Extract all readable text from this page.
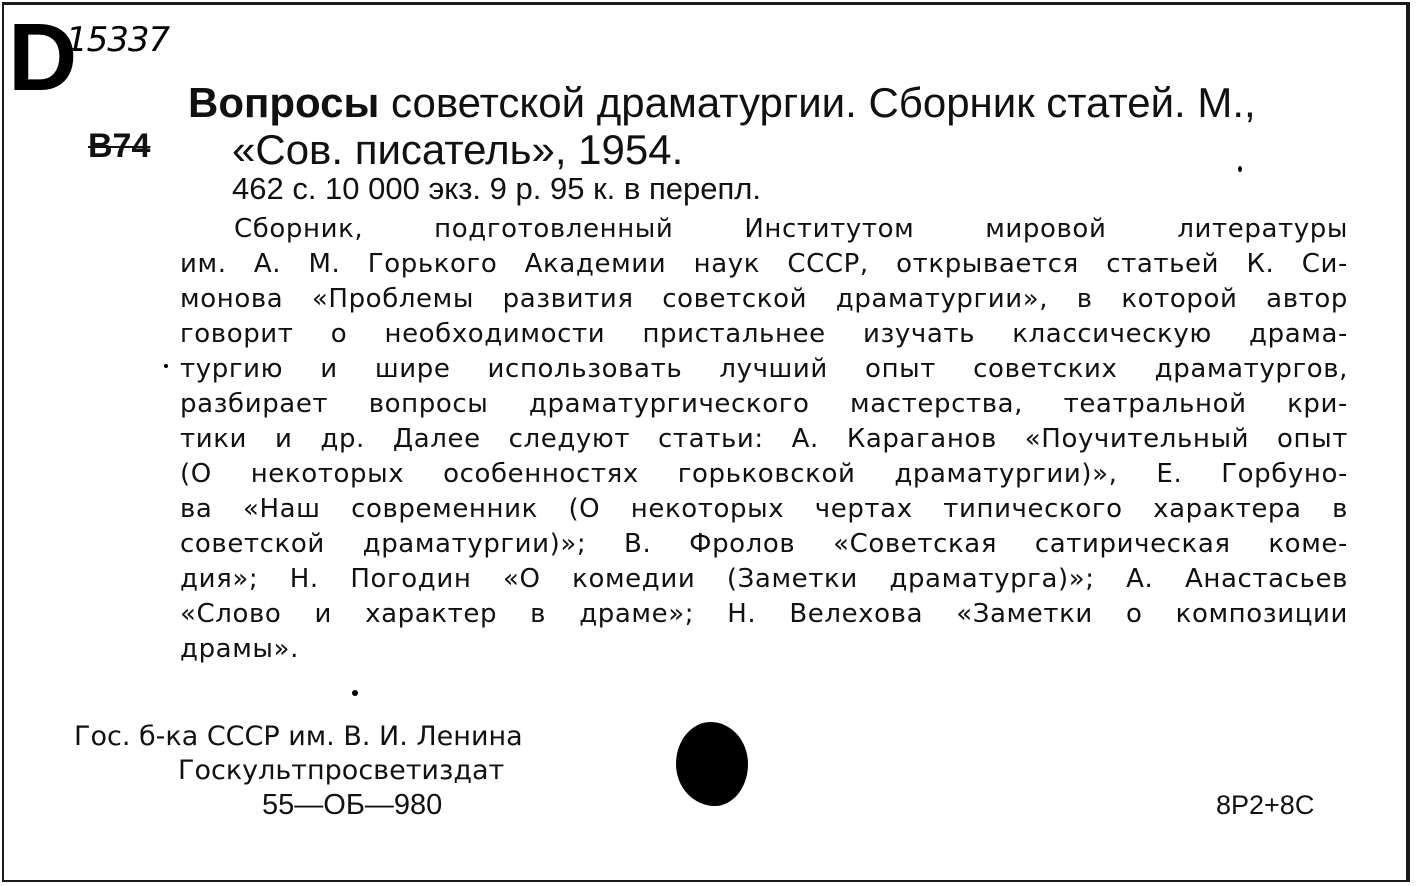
D
15337
B74
Вопросы советской драматургии. Сборник статей. М.,
«Сов. писатель», 1954.
462 с. 10 000 экз. 9 р. 95 к. в перепл.
Сборник, подготовленный Институтом мировой литературы
им. А. М. Горького Академии наук СССР, открывается статьей К. Си-
монова «Проблемы развития советской драматургии», в которой автор
говорит о необходимости пристальнее изучать классическую драма-
тургию и шире использовать лучший опыт советских драматургов,
разбирает вопросы драматургического мастерства, театральной кри-
тики и др. Далее следуют статьи: А. Караганов «Поучительный опыт
(О некоторых особенностях горьковской драматургии)», Е. Горбуно-
ва «Наш современник (О некоторых чертах типического характера в
советской драматургии)»; В. Фролов «Советская сатирическая коме-
дия»; Н. Погодин «О комедии (Заметки драматурга)»; А. Анастасьев
«Слово и характер в драме»; Н. Велехова «Заметки о композиции
драмы».
Гос. б-ка СССР им. В. И. Ленина
Госкультпросветиздат
55—ОБ—980	8Р2+8С
